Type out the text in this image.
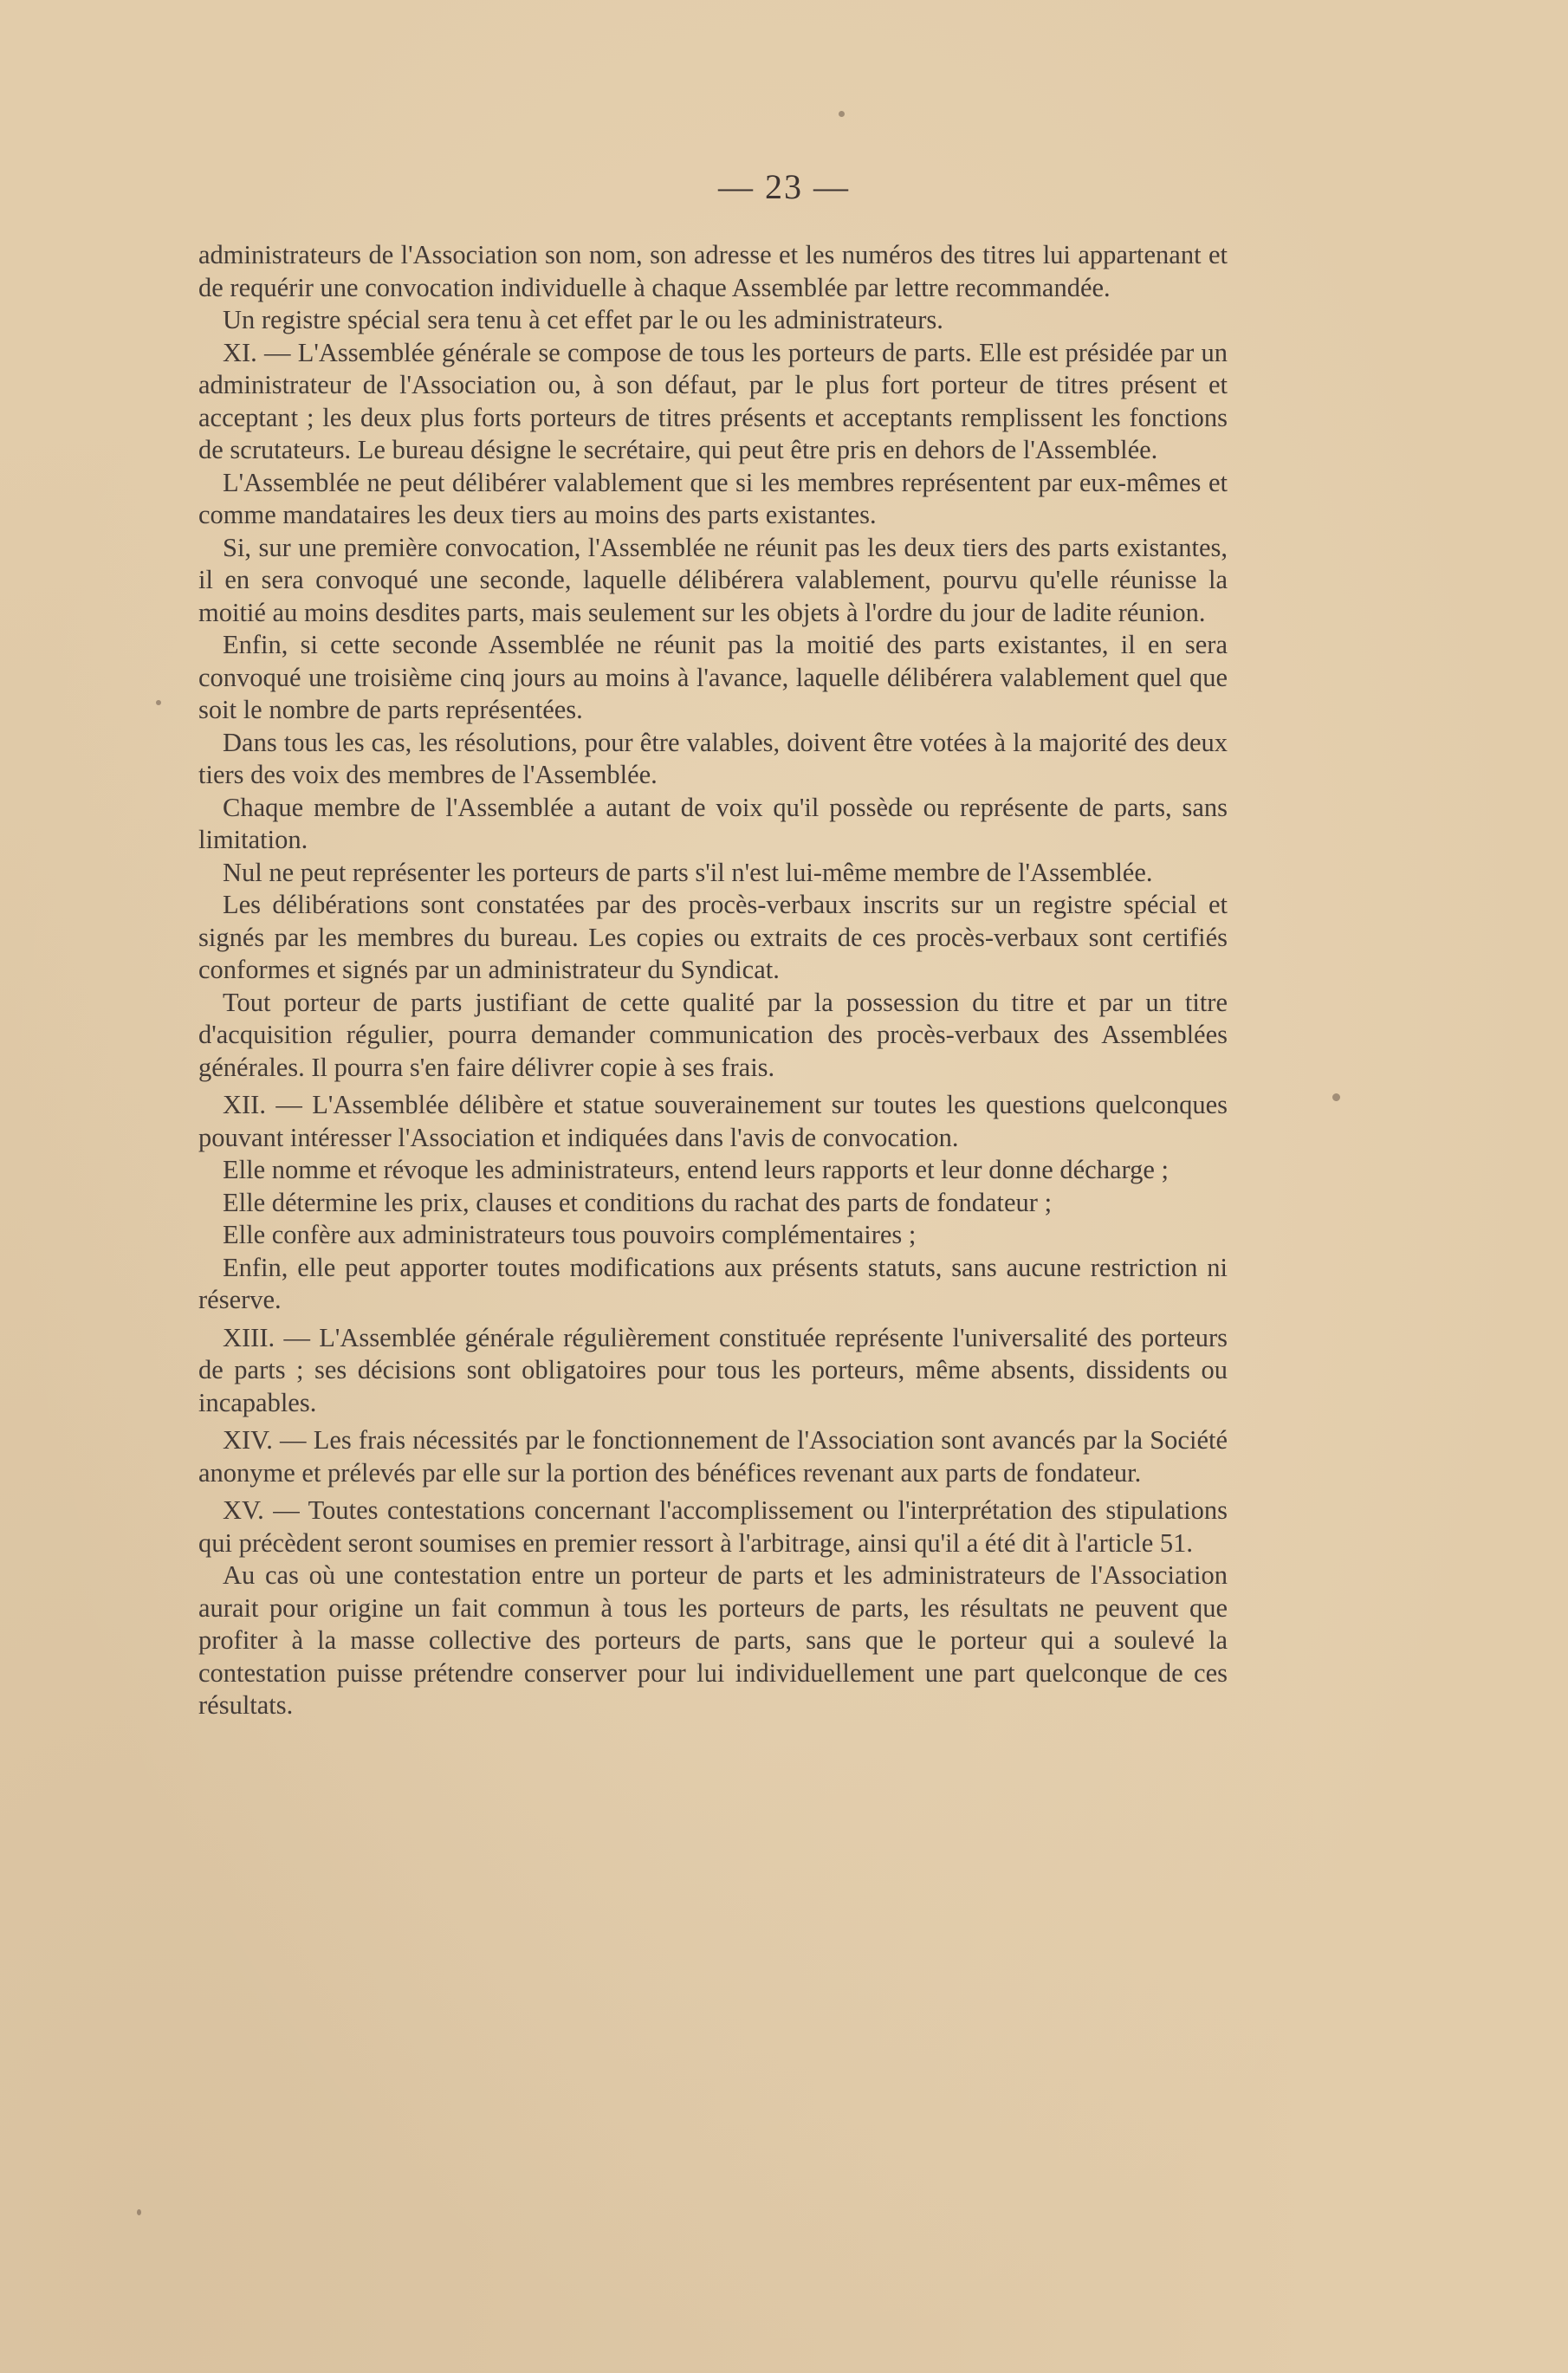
— 23 —

administrateurs de l'Association son nom, son adresse et les numéros des titres lui appartenant et de requérir une convocation individuelle à chaque Assemblée par lettre recommandée.

Un registre spécial sera tenu à cet effet par le ou les administrateurs.

XI. — L'Assemblée générale se compose de tous les porteurs de parts. Elle est présidée par un administrateur de l'Association ou, à son défaut, par le plus fort porteur de titres présent et acceptant ; les deux plus forts porteurs de titres présents et acceptants remplissent les fonctions de scrutateurs. Le bureau désigne le secrétaire, qui peut être pris en dehors de l'Assemblée.

L'Assemblée ne peut délibérer valablement que si les membres représentent par eux-mêmes et comme mandataires les deux tiers au moins des parts existantes.

Si, sur une première convocation, l'Assemblée ne réunit pas les deux tiers des parts existantes, il en sera convoqué une seconde, laquelle délibérera valablement, pourvu qu'elle réunisse la moitié au moins desdites parts, mais seulement sur les objets à l'ordre du jour de ladite réunion.

Enfin, si cette seconde Assemblée ne réunit pas la moitié des parts existantes, il en sera convoqué une troisième cinq jours au moins à l'avance, laquelle délibérera valablement quel que soit le nombre de parts représentées.

Dans tous les cas, les résolutions, pour être valables, doivent être votées à la majorité des deux tiers des voix des membres de l'Assemblée.

Chaque membre de l'Assemblée a autant de voix qu'il possède ou représente de parts, sans limitation.

Nul ne peut représenter les porteurs de parts s'il n'est lui-même membre de l'Assemblée.

Les délibérations sont constatées par des procès-verbaux inscrits sur un registre spécial et signés par les membres du bureau. Les copies ou extraits de ces procès-verbaux sont certifiés conformes et signés par un administrateur du Syndicat.

Tout porteur de parts justifiant de cette qualité par la possession du titre et par un titre d'acquisition régulier, pourra demander communication des procès-verbaux des Assemblées générales. Il pourra s'en faire délivrer copie à ses frais.

XII. — L'Assemblée délibère et statue souverainement sur toutes les questions quelconques pouvant intéresser l'Association et indiquées dans l'avis de convocation.

Elle nomme et révoque les administrateurs, entend leurs rapports et leur donne décharge ;

Elle détermine les prix, clauses et conditions du rachat des parts de fondateur ;

Elle confère aux administrateurs tous pouvoirs complémentaires ;

Enfin, elle peut apporter toutes modifications aux présents statuts, sans aucune restriction ni réserve.

XIII. — L'Assemblée générale régulièrement constituée représente l'universalité des porteurs de parts ; ses décisions sont obligatoires pour tous les porteurs, même absents, dissidents ou incapables.

XIV. — Les frais nécessités par le fonctionnement de l'Association sont avancés par la Société anonyme et prélevés par elle sur la portion des bénéfices revenant aux parts de fondateur.

XV. — Toutes contestations concernant l'accomplissement ou l'interprétation des stipulations qui précèdent seront soumises en premier ressort à l'arbitrage, ainsi qu'il a été dit à l'article 51.

Au cas où une contestation entre un porteur de parts et les administrateurs de l'Association aurait pour origine un fait commun à tous les porteurs de parts, les résultats ne peuvent que profiter à la masse collective des porteurs de parts, sans que le porteur qui a soulevé la contestation puisse prétendre conserver pour lui individuellement une part quelconque de ces résultats.
